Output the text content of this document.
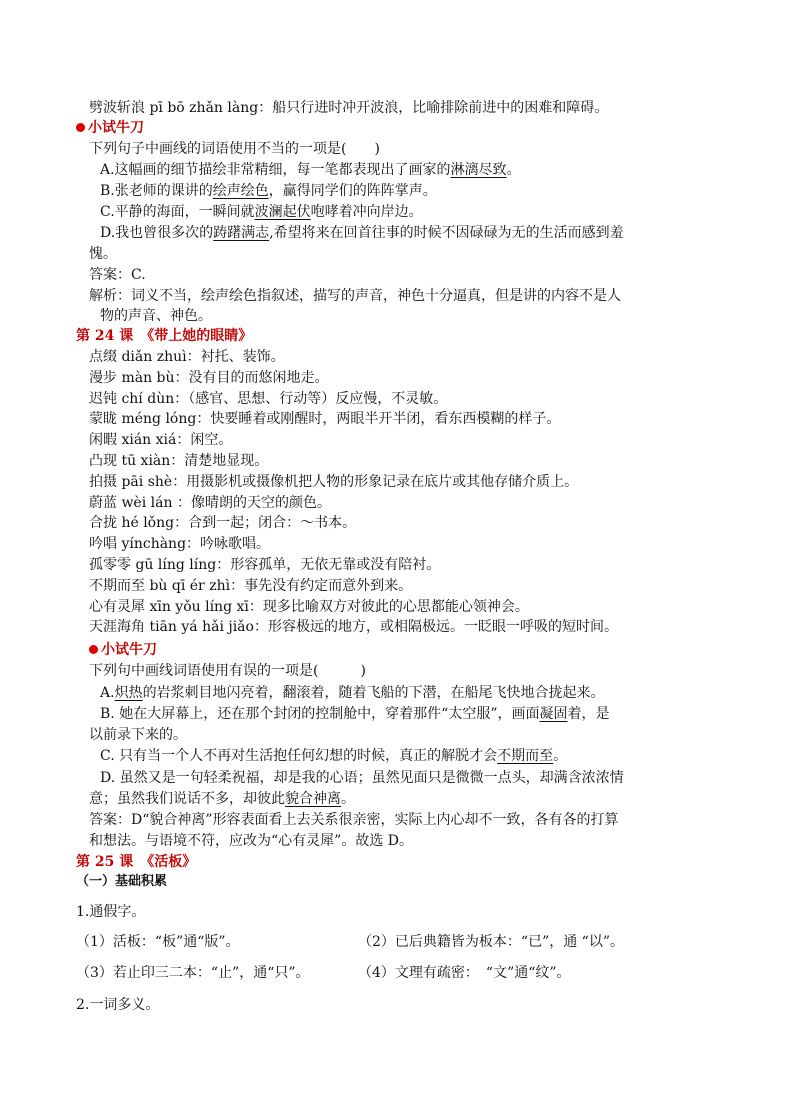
劈波斩浪 pī bō zhǎn làng：船只行进时冲开波浪，比喻排除前进中的困难和障碍。
小试牛刀
下列句子中画线的词语使用不当的一项是(　　)
A.这幅画的细节描绘非常精细，每一笔都表现出了画家的淋漓尽致。
B.张老师的课讲的绘声绘色，赢得同学们的阵阵掌声。
C.平静的海面，一瞬间就波澜起伏咆哮着冲向岸边。
D.我也曾很多次的踌躇满志,希望将来在回首往事的时候不因碌碌为无的生活而感到羞
愧。
答案：C.
解析：词义不当，绘声绘色指叙述，描写的声音，神色十分逼真，但是讲的内容不是人
物的声音、神色。
第 24 课　《带上她的眼睛》
点缀 diǎn zhuì：衬托、装饰。
漫步 màn bù：没有目的而悠闲地走。
迟钝 chí dùn：（感官、思想、行动等）反应慢，不灵敏。
蒙眬 méng lóng：快要睡着或刚醒时，两眼半开半闭，看东西模糊的样子。
闲暇 xián xiá：闲空。
凸现 tū xiàn：清楚地显现。
拍摄 pāi shè：用摄影机或摄像机把人物的形象记录在底片或其他存储介质上。
蔚蓝 wèi lán ：像晴朗的天空的颜色。
合拢 hé lǒng：合到一起；闭合：～书本。
吟唱 yínchàng：吟咏歌唱。
孤零零 gū líng líng：形容孤单，无依无靠或没有陪衬。
不期而至 bù qī ér zhì：事先没有约定而意外到来。
心有灵犀 xīn yǒu líng xī：现多比喻双方对彼此的心思都能心领神会。
天涯海角 tiān yá hǎi jiǎo：形容极远的地方，或相隔极远。一眨眼一呼吸的短时间。
小试牛刀
下列句中画线词语使用有误的一项是(　　　)
A.炽热的岩浆刺目地闪亮着，翻滚着，随着飞船的下潜，在船尾飞快地合拢起来。
B. 她在大屏幕上，还在那个封闭的控制舱中，穿着那件“太空服”，画面凝固着，是
以前录下来的。
C. 只有当一个人不再对生活抱任何幻想的时候，真正的解脱才会不期而至。
D. 虽然又是一句轻柔祝福，却是我的心语；虽然见面只是微微一点头，却满含浓浓情
意；虽然我们说话不多，却彼此貌合神离。
答案：D“貌合神离”形容表面看上去关系很亲密，实际上内心却不一致，各有各的打算
和想法。与语境不符，应改为“心有灵犀”。故选 D。
第 25 课　《活板》
（一）基础积累
1.通假字。
（1）活板：“板”通“版”。	（2）已后典籍皆为板本：“已”，通 “以”。
（3）若止印三二本：“止”，通“只”。	（4）文理有疏密：　“文”通“纹”。
2.一词多义。
